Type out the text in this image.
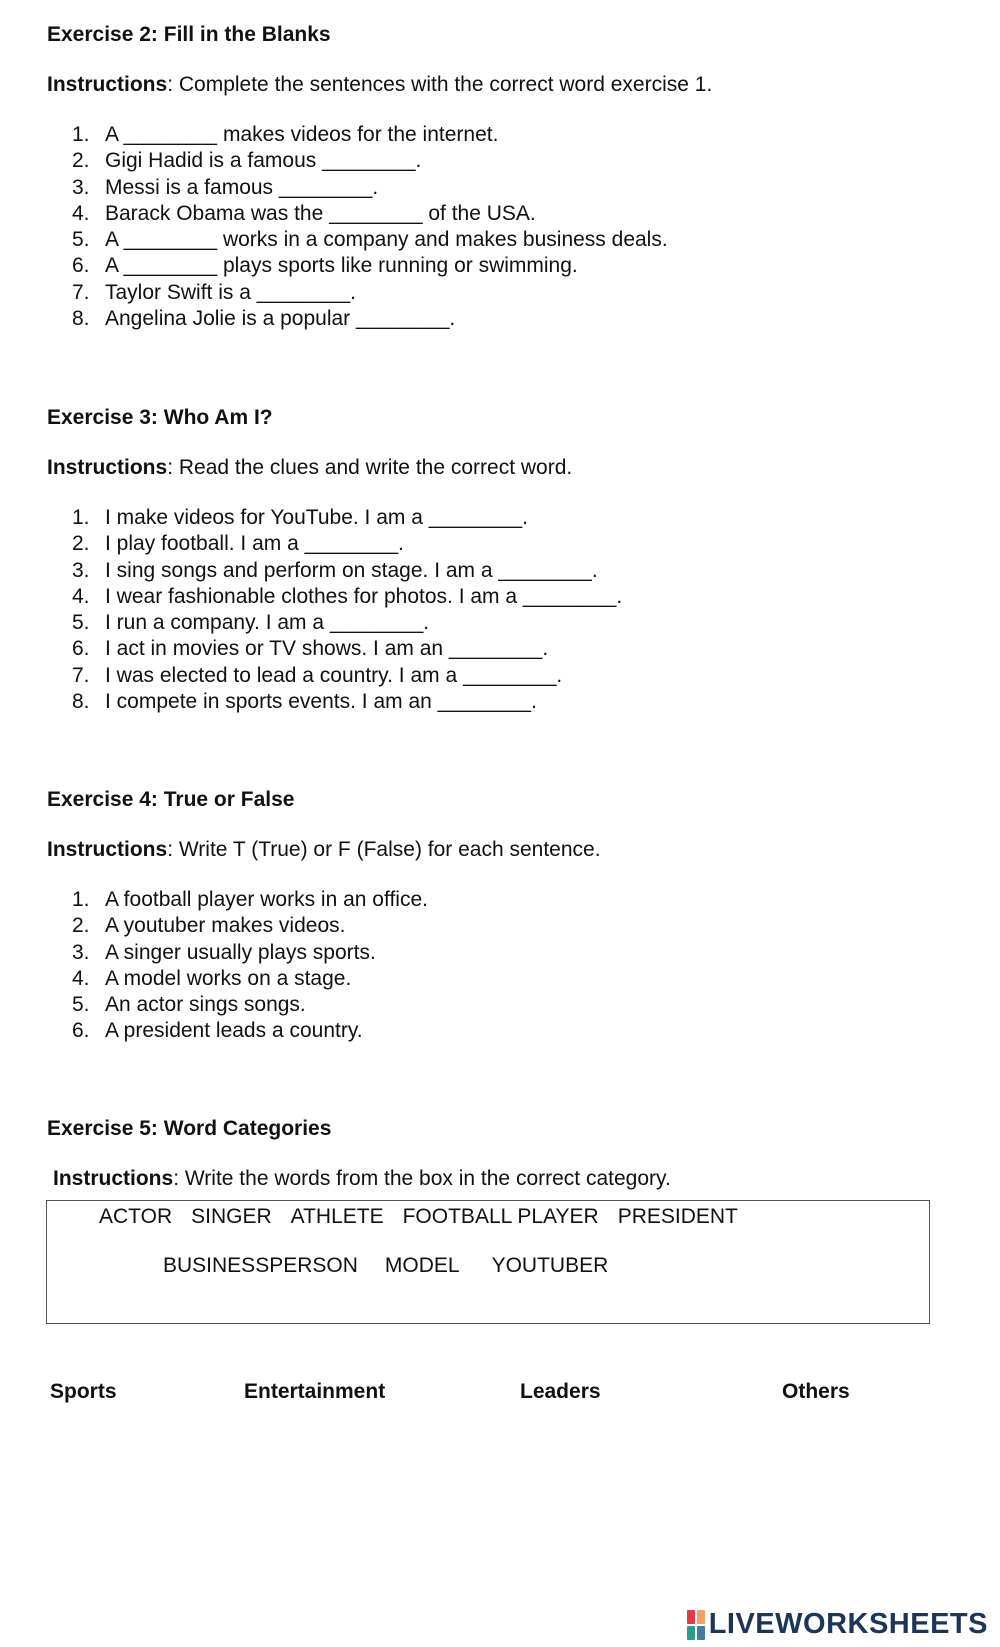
Exercise 2: Fill in the Blanks
Instructions: Complete the sentences with the correct word exercise 1.
1. A ________ makes videos for the internet.
2. Gigi Hadid is a famous ________.
3. Messi is a famous ________.
4. Barack Obama was the ________ of the USA.
5. A ________ works in a company and makes business deals.
6. A ________ plays sports like running or swimming.
7. Taylor Swift is a ________.
8. Angelina Jolie is a popular ________.
Exercise 3: Who Am I?
Instructions: Read the clues and write the correct word.
1. I make videos for YouTube. I am a ________.
2. I play football. I am a ________.
3. I sing songs and perform on stage. I am a ________.
4. I wear fashionable clothes for photos. I am a ________.
5. I run a company. I am a ________.
6. I act in movies or TV shows. I am an ________.
7. I was elected to lead a country. I am a ________.
8. I compete in sports events. I am an ________.
Exercise 4: True or False
Instructions: Write T (True) or F (False) for each sentence.
1. A football player works in an office.
2. A youtuber makes videos.
3. A singer usually plays sports.
4. A model works on a stage.
5. An actor sings songs.
6. A president leads a country.
Exercise 5: Word Categories
Instructions: Write the words from the box in the correct category.
ACTOR SINGER ATHLETE FOOTBALL PLAYER PRESIDENT
BUSINESSPERSON MODEL YOUTUBER
Sports	Entertainment	Leaders	Others
LIVEWORKSHEETS
